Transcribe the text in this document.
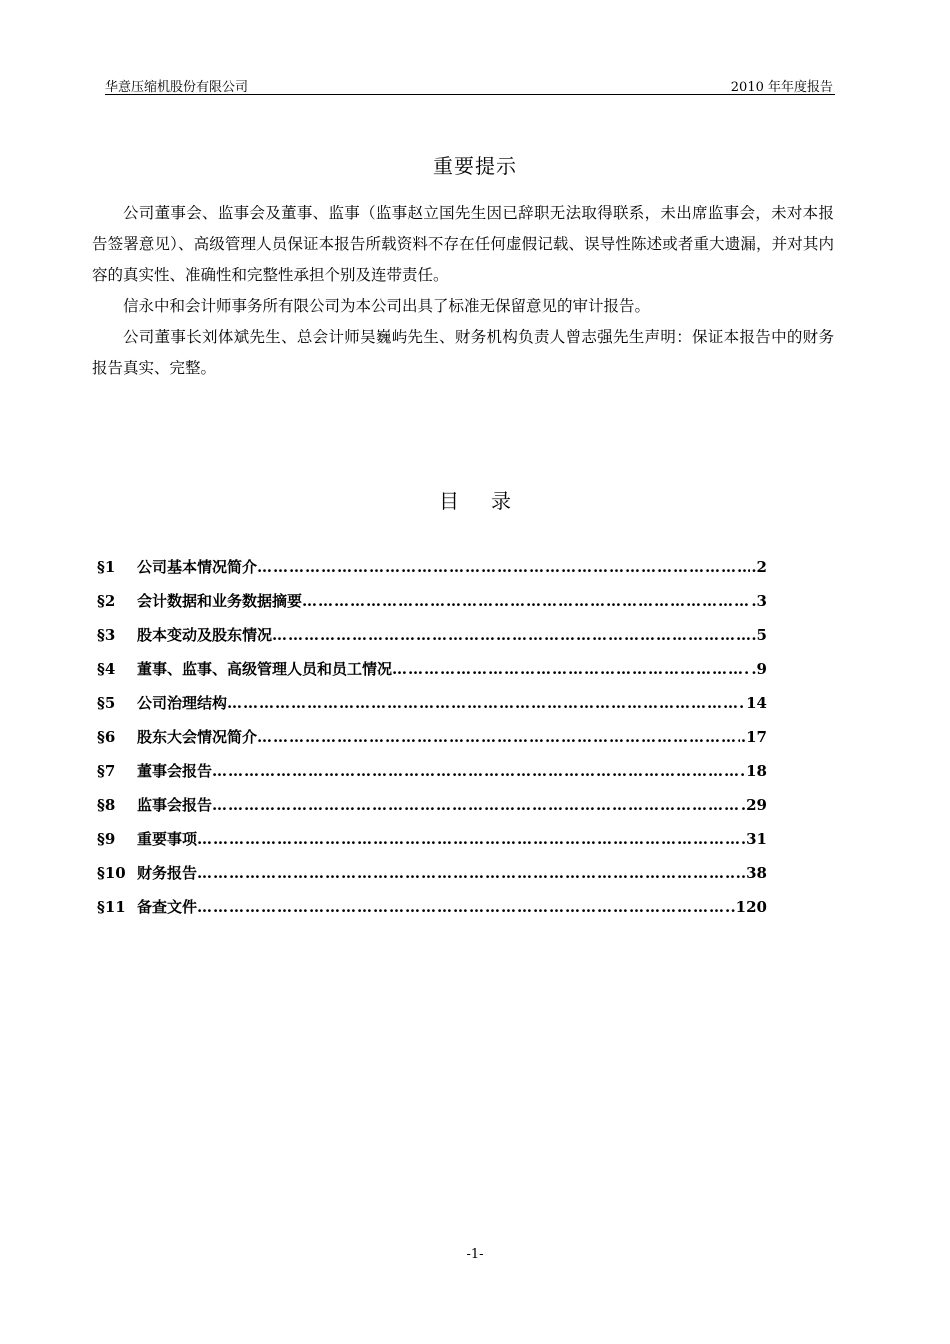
华意压缩机股份有限公司	2010 年年度报告
重要提示

公司董事会、监事会及董事、监事（监事赵立国先生因已辞职无法取得联系，未出席监事会，未对本报告签署意见）、高级管理人员保证本报告所载资料不存在任何虚假记载、误导性陈述或者重大遗漏，并对其内容的真实性、准确性和完整性承担个别及连带责任。

信永中和会计师事务所有限公司为本公司出具了标准无保留意见的审计报告。

公司董事长刘体斌先生、总会计师吴巍屿先生、财务机构负责人曾志强先生声明：保证本报告中的财务报告真实、完整。

目 录
§1	公司基本情况简介 ……………………………………………………………………………………………………………………………………………………………	.2
§2	会计数据和业务数据摘要 ……………………………………………………………………………………………………………………………………………………………	.3
§3	股本变动及股东情况 ……………………………………………………………………………………………………………………………………………………………	.5
§4	董事、监事、高级管理人员和员工情况 ……………………………………………………………………………………………………………………………………………………………	.9
§5	公司治理结构 ……………………………………………………………………………………………………………………………………………………………	14
§6	股东大会情况简介 ……………………………………………………………………………………………………………………………………………………………	.17
§7	董事会报告 ……………………………………………………………………………………………………………………………………………………………	18
§8	监事会报告 ……………………………………………………………………………………………………………………………………………………………	.29
§9	重要事项 ……………………………………………………………………………………………………………………………………………………………	.31
§10 财务报告 ……………………………………………………………………………………………………………………………………………………………	..38
§11 备查文件 ……………………………………………………………………………………………………………………………………………………………	.120
-1-
